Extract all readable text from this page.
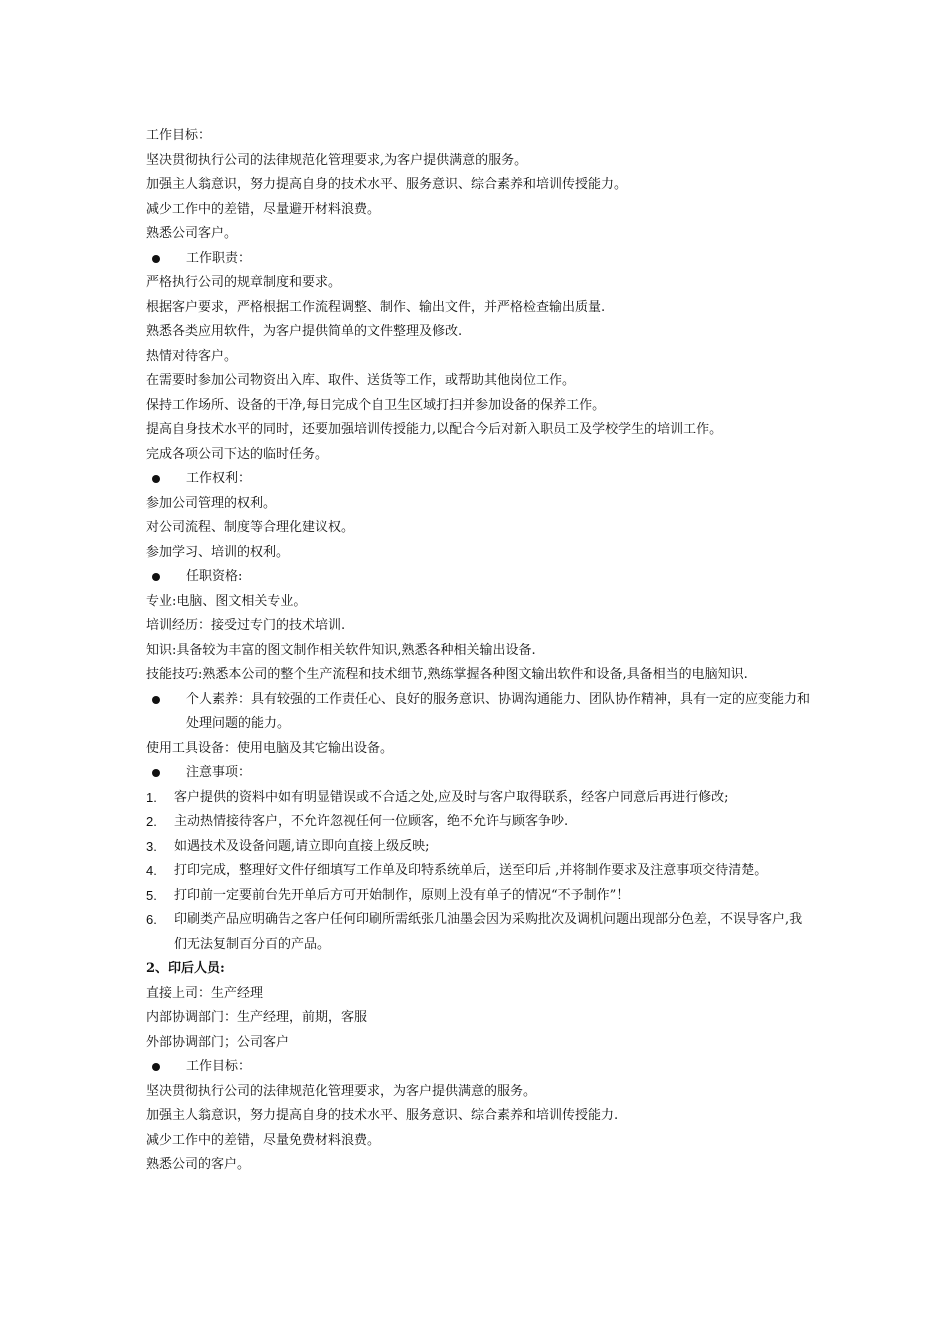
工作目标：
坚决贯彻执行公司的法律规范化管理要求,为客户提供满意的服务。
加强主人翁意识，努力提高自身的技术水平、服务意识、综合素养和培训传授能力。
减少工作中的差错，尽量避开材料浪费。
熟悉公司客户。
工作职责：
严格执行公司的规章制度和要求。
根据客户要求，严格根据工作流程调整、制作、输出文件，并严格检查输出质量.
熟悉各类应用软件，为客户提供简单的文件整理及修改.
热情对待客户。
在需要时参加公司物资出入库、取件、送货等工作，或帮助其他岗位工作。
保持工作场所、设备的干净,每日完成个自卫生区域打扫并参加设备的保养工作。
提高自身技术水平的同时，还要加强培训传授能力,以配合今后对新入职员工及学校学生的培训工作。
完成各项公司下达的临时任务。
工作权利：
参加公司管理的权利。
对公司流程、制度等合理化建议权。
参加学习、培训的权利。
任职资格:
专业:电脑、图文相关专业。
培训经历：接受过专门的技术培训.
知识:具备较为丰富的图文制作相关软件知识,熟悉各种相关输出设备.
技能技巧:熟悉本公司的整个生产流程和技术细节,熟练掌握各种图文输出软件和设备,具备相当的电脑知识.
个人素养：具有较强的工作责任心、良好的服务意识、协调沟通能力、团队协作精神，具有一定的应变能力和处理问题的能力。
使用工具设备：使用电脑及其它输出设备。
注意事项：
1. 客户提供的资料中如有明显错误或不合适之处,应及时与客户取得联系，经客户同意后再进行修改;
2. 主动热情接待客户，不允许忽视任何一位顾客，绝不允许与顾客争吵.
3. 如遇技术及设备问题,请立即向直接上级反映;
4. 打印完成，整理好文件仔细填写工作单及印特系统单后，送至印后 ,并将制作要求及注意事项交待清楚。
5. 打印前一定要前台先开单后方可开始制作，原则上没有单子的情况“不予制作”！
6. 印刷类产品应明确告之客户任何印刷所需纸张几油墨会因为采购批次及调机问题出现部分色差，不误导客户,我们无法复制百分百的产品。
2、印后人员:
直接上司：生产经理
内部协调部门：生产经理，前期，客服
外部协调部门；公司客户
工作目标：
坚决贯彻执行公司的法律规范化管理要求，为客户提供满意的服务。
加强主人翁意识，努力提高自身的技术水平、服务意识、综合素养和培训传授能力.
减少工作中的差错，尽量免费材料浪费。
熟悉公司的客户。
